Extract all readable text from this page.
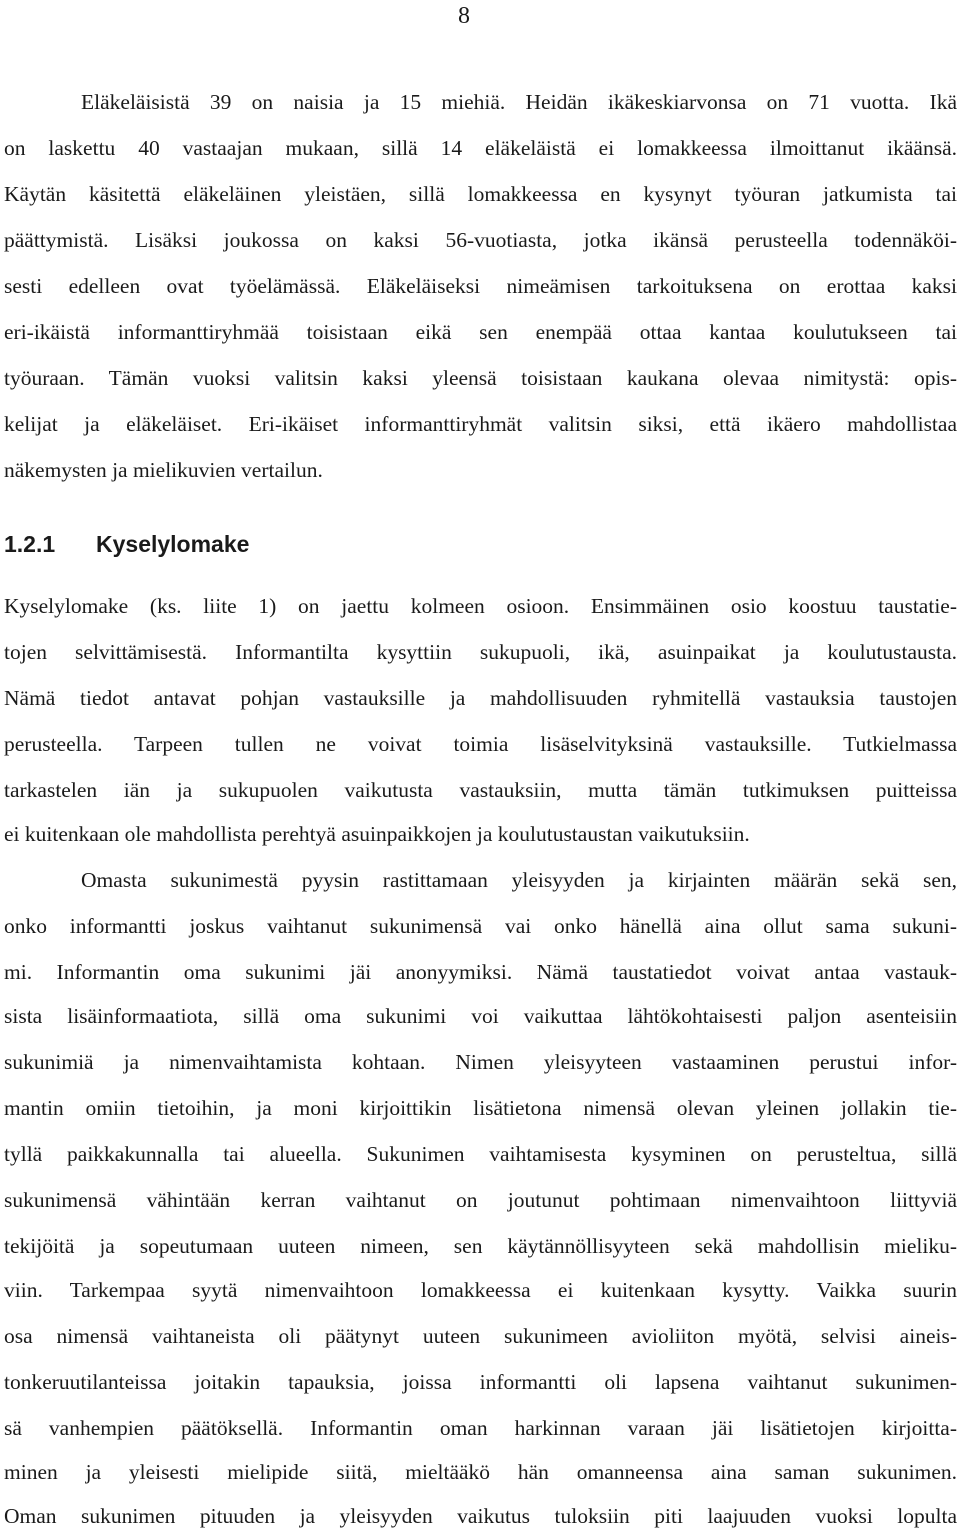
8
Eläkeläisistä 39 on naisia ja 15 miehiä. Heidän ikäkeskiarvonsa on 71 vuotta. Ikä
on laskettu 40 vastaajan mukaan, sillä 14 eläkeläistä ei lomakkeessa ilmoittanut ikäänsä.
Käytän käsitettä eläkeläinen yleistäen, sillä lomakkeessa en kysynyt työuran jatkumista tai
päättymistä. Lisäksi joukossa on kaksi 56-vuotiasta, jotka ikänsä perusteella todennäköi-
sesti edelleen ovat työelämässä. Eläkeläiseksi nimeämisen tarkoituksena on erottaa kaksi
eri-ikäistä informanttiryhmää toisistaan eikä sen enempää ottaa kantaa koulutukseen tai
työuraan. Tämän vuoksi valitsin kaksi yleensä toisistaan kaukana olevaa nimitystä: opis-
kelijat ja eläkeläiset. Eri-ikäiset informanttiryhmät valitsin siksi, että ikäero mahdollistaa
näkemysten ja mielikuvien vertailun.
1.2.1 Kyselylomake
Kyselylomake (ks. liite 1) on jaettu kolmeen osioon. Ensimmäinen osio koostuu taustatie-
tojen selvittämisestä. Informantilta kysyttiin sukupuoli, ikä, asuinpaikat ja koulutustausta.
Nämä tiedot antavat pohjan vastauksille ja mahdollisuuden ryhmitellä vastauksia taustojen
perusteella. Tarpeen tullen ne voivat toimia lisäselvityksinä vastauksille. Tutkielmassa
tarkastelen iän ja sukupuolen vaikutusta vastauksiin, mutta tämän tutkimuksen puitteissa
ei kuitenkaan ole mahdollista perehtyä asuinpaikkojen ja koulutustaustan vaikutuksiin.
Omasta sukunimestä pyysin rastittamaan yleisyyden ja kirjainten määrän sekä sen,
onko informantti joskus vaihtanut sukunimensä vai onko hänellä aina ollut sama sukuni-
mi. Informantin oma sukunimi jäi anonyymiksi. Nämä taustatiedot voivat antaa vastauk-
sista lisäinformaatiota, sillä oma sukunimi voi vaikuttaa lähtökohtaisesti paljon asenteisiin
sukunimiä ja nimenvaihtamista kohtaan. Nimen yleisyyteen vastaaminen perustui infor-
mantin omiin tietoihin, ja moni kirjoittikin lisätietona nimensä olevan yleinen jollakin tie-
tyllä paikkakunnalla tai alueella. Sukunimen vaihtamisesta kysyminen on perusteltua, sillä
sukunimensä vähintään kerran vaihtanut on joutunut pohtimaan nimenvaihtoon liittyviä
tekijöitä ja sopeutumaan uuteen nimeen, sen käytännöllisyyteen sekä mahdollisin mieliku-
viin. Tarkempaa syytä nimenvaihtoon lomakkeessa ei kuitenkaan kysytty. Vaikka suurin
osa nimensä vaihtaneista oli päätynyt uuteen sukunimeen avioliiton myötä, selvisi aineis-
tonkeruutilanteissa joitakin tapauksia, joissa informantti oli lapsena vaihtanut sukunimen-
sä vanhempien päätöksellä. Informantin oman harkinnan varaan jäi lisätietojen kirjoitta-
minen ja yleisesti mielipide siitä, mieltääkö hän omanneensa aina saman sukunimen.
Oman sukunimen pituuden ja yleisyyden vaikutus tuloksiin piti laajuuden vuoksi lopulta
